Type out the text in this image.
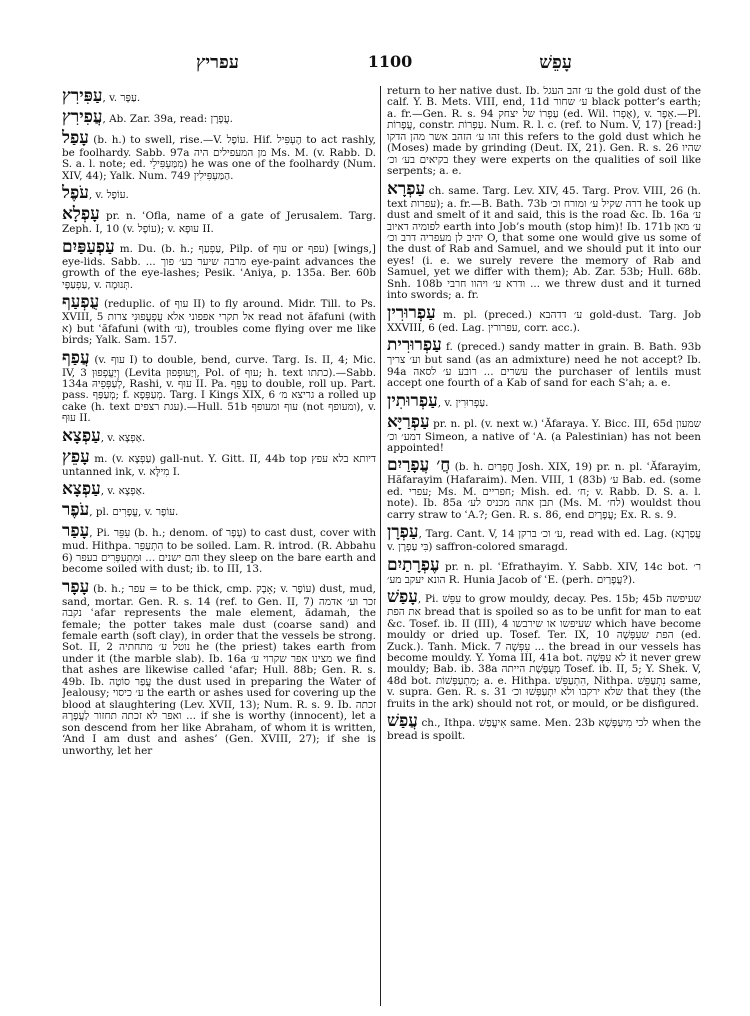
עפריץ	1100	עָפֵשׁ

עַפִּירִץ, v. עַפָּר.

עֲפִירִץ, Ab. Zar. 39a, read: עֲפָרָן.

עָפַל (b. h.) to swell, rise.—V. עוֹפֶל. Hif. הֶעְפִּיל to act rashly, be foolhardy. Sabb. 97a מן המעפילים היה Ms. M. (v. Rabb. D. S. a. l. note; ed. מִמַּעְפִּילֵי) he was one of the foolhardy (Num. XIV, 44); Yalk. Num. 749 הַמַּעְפִּילִין.

עֹפֶל, v. עוֹפֶל.

עָפְלָא pr. n. ʿOfla, name of a gate of Jerusalem. Targ. Zeph. I, 10 (v. עוֹפֶל); v. עוּפָא II.

עַפְעַפַּיִם m. Du. (b. h.; עַפְעַף, Pilp. of עוף or עפף) [wings,] eye-lids. Sabb. ... מרבה שיער בע׳ פוך eye-paint advances the growth of the eye-lashes; Pesik. ʿAniya, p. 135a. Ber. 60b עַפְעַפָּי, v. תְּנוּמָה.

עֻפְעַף (reduplic. of עוף II) to fly around. Midr. Till. to Ps. XVIII, 5 אל תקרי אפפוני אלא עֻפְעֲפוּנִי צרות read not ăfafuni (with א) but ʿăfafuni (with ע׳), troubles come flying over me like birds; Yalk. Sam. 157.

עֲפַף (v. עוף I) to double, bend, curve. Targ. Is. II, 4; Mic. IV, 3 וְיַעֲפְפוּן (Levita וְיַעוּפְפוּן, Pol. of עוף; h. text כתתו).—Sabb. 134a לְעַפְּפֵיהּ, Rashi, v. עוּף II. Pa. עַפֵּף to double, roll up. Part. pass. מְעַפַּף; f. מְעַפְּפָא. Targ. I Kings XIX, 6 גריצא מ׳ a rolled up cake (h. text עגת רצפים).—Hull. 51b עוף ומעופף (not ומעופף), v. עוּף II.

עַפְצָא, v. אַפְצָא.

עָפֵץ m. (v. עַפְצָא) gall-nut. Y. Gitt. II, 44b top דיותא בלא עפץ untanned ink, v. מִילָּא I.

עַפְצָא, v. אַפְצָא.

עֹפֶר, pl. עֳפָרִים, v. עוֹפֶר.

עָפַר, Pi. עִפֵּר (b. h.; denom. of עָפָר) to cast dust, cover with mud. Hithpa. הִתְעַפֵּר to be soiled. Lam. R. introd. (R. Abbahu 6) והם ישנים ... וּמִתְעַפְּרִים בעפר they sleep on the bare earth and become soiled with dust; ib. to III, 13.

עָפָר (b. h.; עפר = to be thick, cmp. אָבָק; v. עוֹפֶר) dust, mud, sand, mortar. Gen. R. s. 14 (ref. to Gen. II, 7) זכר וע׳ אדמה נקבה ʿafar represents the male element, ădamah, the female; the potter takes male dust (coarse sand) and female earth (soft clay), in order that the vessels be strong. Sot. II, 2 נוטל ע׳ מתחתיה he (the priest) takes earth from under it (the marble slab). Ib. 16a מצינו אפר שקרוי ע׳ we find that ashes are likewise called ʿafar; Hull. 88b; Gen. R. s. 49b. Ib. עֲפַר סוֹטָה the dust used in preparing the Water of Jealousy; ע׳ כיסוי the earth or ashes used for covering up the blood at slaughtering (Lev. XVII, 13); Num. R. s. 9. Ib. זכתה ... ואפר לא זכתה תחזור לַעֲפָרָהּ if she is worthy (innocent), let a son descend from her like Abraham, of whom it is written, ‘And I am dust and ashes’ (Gen. XVIII, 27); if she is unworthy, let her

return to her native dust. Ib. ע׳ זהב העגל the gold dust of the calf. Y. B. Mets. VIII, end, 11d ע׳ שחור black potter’s earth; a. fr.—Gen. R. s. 94 עַפְרוֹ של יצחק (ed. Wil. אֶפְרוֹ), v. אֵפֶר.—Pl. עֲפָרוֹת, constr. עַפְרוֹת. Num. R. l. c. (ref. to Num. V, 17) [read:] זהו ע׳ הזהב אשר מהן הדקו this refers to the gold dust which he (Moses) made by grinding (Deut. IX, 21). Gen. R. s. 26 שהיו בקיאים בע׳ וכ׳ they were experts on the qualities of soil like serpents; a. e.

עַפְרָא ch. same. Targ. Lev. XIV, 45. Targ. Prov. VIII, 26 (h. text עפרות); a. fr.—B. Bath. 73b דרה שקיל ע׳ ומורח וכ׳ he took up dust and smelt of it and said, this is the road &c. Ib. 16a ע׳ לפומיה דאיוב earth into Job’s mouth (stop him)! Ib. 171b ע׳ מאן יהיב לן מעפריה דרב וכ׳ O, that some one would give us some of the dust of Rab and Samuel, and we should put it into our eyes! (i. e. we surely revere the memory of Rab and Samuel, yet we differ with them); Ab. Zar. 53b; Hull. 68b. Snh. 108b ודרא ע׳ ויהוו חרבי ... we threw dust and it turned into swords; a. fr.

עַפְרוּרִין m. pl. (preced.) ע׳ דדהבא gold-dust. Targ. Job XXVIII, 6 (ed. Lag. עפרורין, corr. acc.).

עַפְרוּרִית f. (preced.) sandy matter in grain. B. Bath. 93b וע׳ צריך but sand (as an admixture) need he not accept? Ib. 94a עשרים ... רובע ע׳ לסאה the purchaser of lentils must accept one fourth of a Kab of sand for each Sʾah; a. e.

עַפְרוּתִין, v. עַפְרוּרִין.

עַפְרַיָּא pr. n. pl. (v. next w.) ʿĂfaraya. Y. Bicc. III, 65d שמעון דמע׳ וכ׳ Simeon, a native of ʿA. (a Palestinian) has not been appointed!

חֲ׳ עֲפָרַיִם (b. h. חֲפָרַיִם Josh. XIX, 19) pr. n. pl. ʿĂfarayim, Hăfarayim (Hafaraim). Men. VIII, 1 (83b) ע׳ Bab. ed. (some ed. עפרי; Ms. M. חפריים; Mish. ed. ח׳; v. Rabb. D. S. a. l. note). Ib. 85a תבן אתה מכניס לע׳ (Ms. M. לח׳) wouldst thou carry straw to ʿA.?; Gen. R. s. 86, end עֲפָרָיִם; Ex. R. s. 9.

עַפְרָן, Targ. Cant. V, 14 ע׳ וכ׳ ברקן, read with ed. Lag. (עֲפַרְנָא v. בִּי עַפְרָן) saffron-colored smaragd.

עֶפְרָתַיִם pr. n. pl. ʿEfrathayim. Y. Sabb. XIV, 14c bot. ר׳ הונא יעקב מע׳ R. Hunia Jacob of ʿE. (perh. עֲפָרַיִם?).

עָפַשׁ, Pi. עִפֵּשׁ to grow mouldy, decay. Pes. 15b; 45b שעיפשה את הפת bread that is spoiled so as to be unfit for man to eat &c. Tosef. ib. II (III), 4 שעיפשו או שירבשו which have become mouldy or dried up. Tosef. Ter. IX, 10 הפת שעִפְּשָׁה (ed. Zuck.). Tanh. Mick. 7 עִפְּשָׁה ... the bread in our vessels has become mouldy. Y. Yoma III, 41a bot. לא עִפְּשָׁה it never grew mouldy; Bab. ib. 38a מְעֻפֶּשֶׁת הייתה Tosef. ib. II, 5; Y. Shek. V, 48d bot. מִתְעַפְּשׁוֹת; a. e. Hithpa. הִתְעַפֵּשׁ, Nithpa. נִתְעַפֵּשׁ same, v. supra. Gen. R. s. 31 שלא ירקבו ולא יִתְעַפְּשׁוּ וכ׳ that they (the fruits in the ark) should not rot, or mould, or be disfigured.

עֲפַשׁ ch., Ithpa. אִיעֲפַשׁ same. Men. 23b לכי מִיעַפְּשָׁא when the bread is spoilt.
